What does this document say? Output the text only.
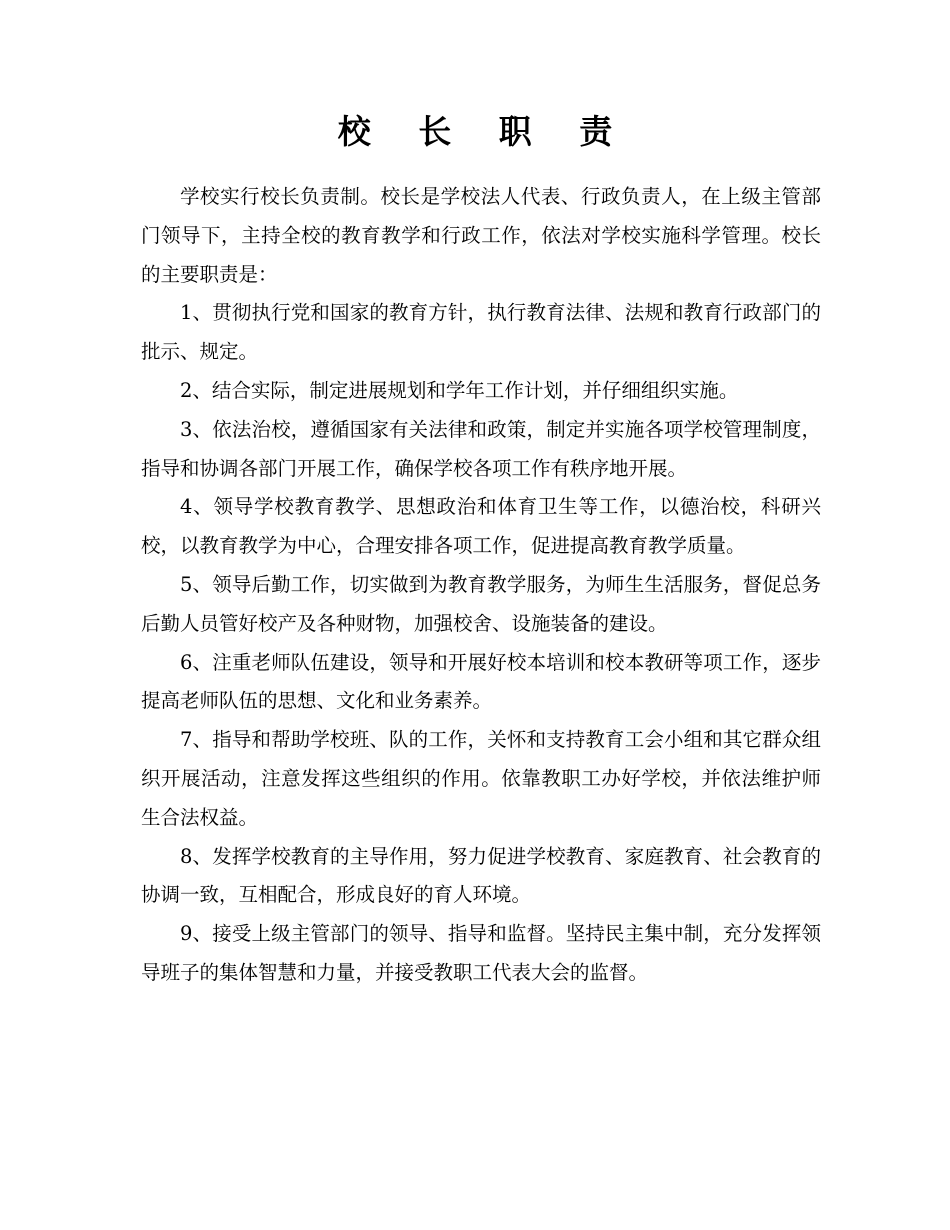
校 长 职 责

学校实行校长负责制。校长是学校法人代表、行政负责人，在上级主管部门领导下，主持全校的教育教学和行政工作，依法对学校实施科学管理。校长的主要职责是：

1、贯彻执行党和国家的教育方针，执行教育法律、法规和教育行政部门的批示、规定。

2、结合实际，制定进展规划和学年工作计划，并仔细组织实施。

3、依法治校，遵循国家有关法律和政策，制定并实施各项学校管理制度，指导和协调各部门开展工作，确保学校各项工作有秩序地开展。

4、领导学校教育教学、思想政治和体育卫生等工作，以德治校，科研兴校，以教育教学为中心，合理安排各项工作，促进提高教育教学质量。

5、领导后勤工作，切实做到为教育教学服务，为师生生活服务，督促总务后勤人员管好校产及各种财物，加强校舍、设施装备的建设。

6、注重老师队伍建设，领导和开展好校本培训和校本教研等项工作，逐步提高老师队伍的思想、文化和业务素养。

7、指导和帮助学校班、队的工作，关怀和支持教育工会小组和其它群众组织开展活动，注意发挥这些组织的作用。依靠教职工办好学校，并依法维护师生合法权益。

8、发挥学校教育的主导作用，努力促进学校教育、家庭教育、社会教育的协调一致，互相配合，形成良好的育人环境。

9、接受上级主管部门的领导、指导和监督。坚持民主集中制，充分发挥领导班子的集体智慧和力量，并接受教职工代表大会的监督。
